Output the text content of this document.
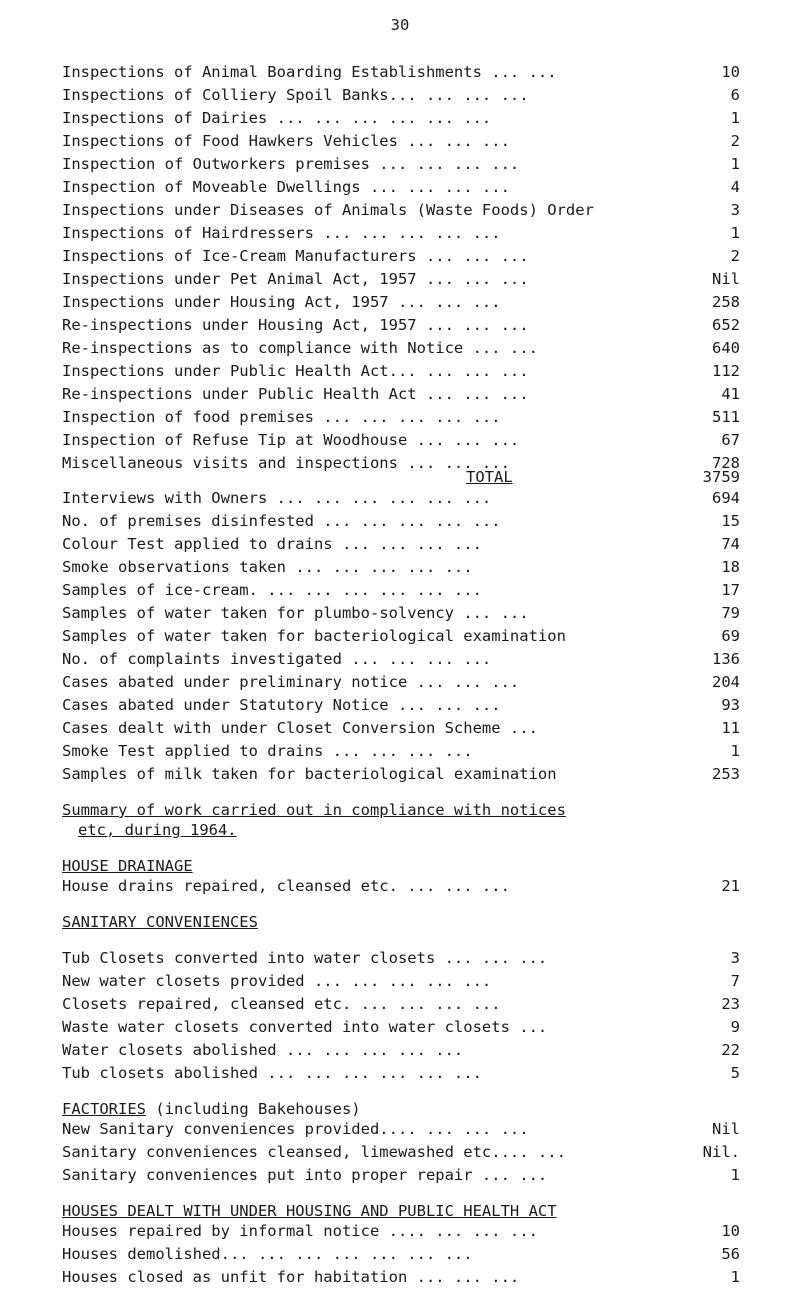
30
Inspections of Animal Boarding Establishments ... ...	10
Inspections of Colliery Spoil Banks... ... ... ...	6
Inspections of Dairies ... ... ... ... ... ...	1
Inspections of Food Hawkers Vehicles ... ... ...	2
Inspection of Outworkers premises ... ... ... ...	1
Inspection of Moveable Dwellings ... ... ... ...	4
Inspections under Diseases of Animals (Waste Foods) Order	3
Inspections of Hairdressers ... ... ... ... ...	1
Inspections of Ice-Cream Manufacturers ... ... ...	2
Inspections under Pet Animal Act, 1957 ... ... ...	Nil
Inspections under Housing Act, 1957 ... ... ...	258
Re-inspections under Housing Act, 1957 ... ... ...	652
Re-inspections as to compliance with Notice ... ...	640
Inspections under Public Health Act... ... ... ...	112
Re-inspections under Public Health Act ... ... ...	41
Inspection of food premises ... ... ... ... ...	511
Inspection of Refuse Tip at Woodhouse ... ... ...	67
Miscellaneous visits and inspections ... ... ...	728
TOTAL	3759
Interviews with Owners ... ... ... ... ... ...	694
No. of premises disinfested ... ... ... ... ...	15
Colour Test applied to drains ... ... ... ...	74
Smoke observations taken ... ... ... ... ...	18
Samples of ice-cream. ... ... ... ... ... ...	17
Samples of water taken for plumbo-solvency ... ...	79
Samples of water taken for bacteriological examination	69
No. of complaints investigated ... ... ... ...	136
Cases abated under preliminary notice ... ... ...	204
Cases abated under Statutory Notice ... ... ...	93
Cases dealt with under Closet Conversion Scheme ...	11
Smoke Test applied to drains ... ... ... ...	1
Samples of milk taken for bacteriological examination	253
Summary of work carried out in compliance with notices
etc, during 1964.
HOUSE DRAINAGE
House drains repaired, cleansed etc. ... ... ...	21
SANITARY CONVENIENCES
Tub Closets converted into water closets ... ... ...	3
New water closets provided ... ... ... ... ...	7
Closets repaired, cleansed etc. ... ... ... ...	23
Waste water closets converted into water closets ...	9
Water closets abolished ... ... ... ... ...	22
Tub closets abolished ... ... ... ... ... ...	5
FACTORIES (including Bakehouses)
New Sanitary conveniences provided.... ... ... ...	Nil
Sanitary conveniences cleansed, limewashed etc.... ...	Nil.
Sanitary conveniences put into proper repair ... ...	1
HOUSES DEALT WITH UNDER HOUSING AND PUBLIC HEALTH ACT
Houses repaired by informal notice .... ... ... ...	10
Houses demolished... ... ... ... ... ... ...	56
Houses closed as unfit for habitation ... ... ...	1
